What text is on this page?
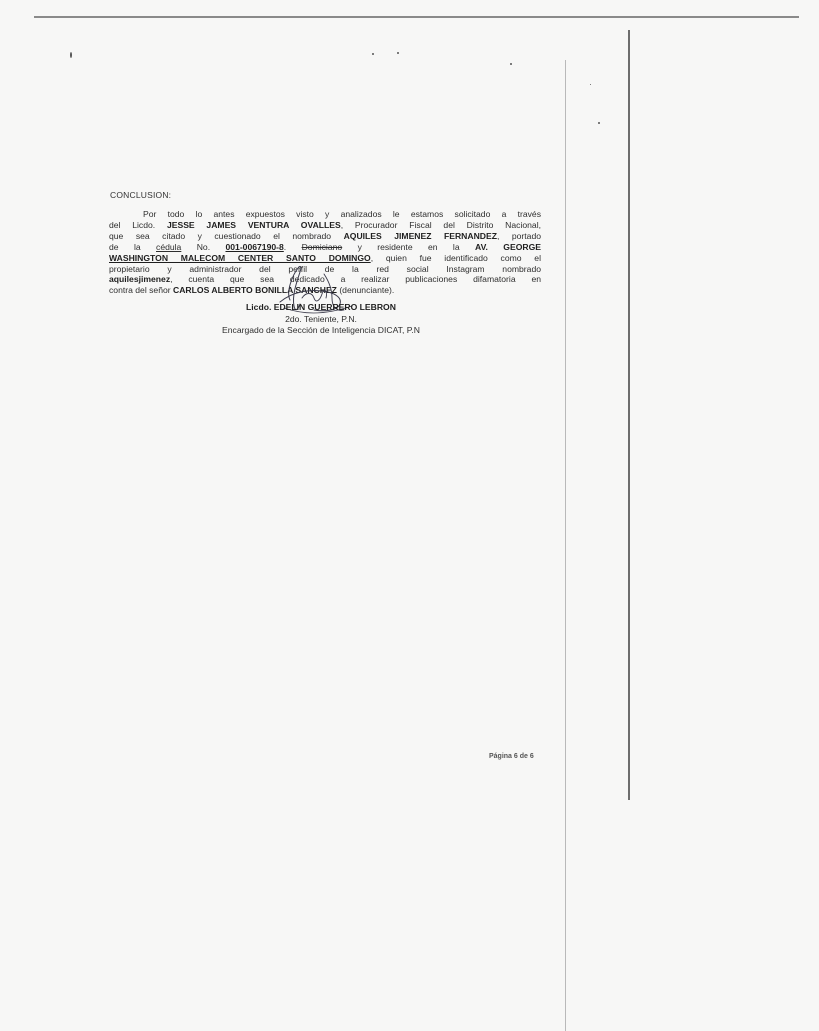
CONCLUSION:
Por todo lo antes expuestos visto y analizados le estamos solicitado a través
del Licdo. JESSE JAMES VENTURA OVALLES, Procurador Fiscal del Distrito Nacional,
que sea citado y cuestionado el nombrado AQUILES JIMENEZ FERNANDEZ, portado
de la cédula No. 001-0067190-8. Domiciano y residente en la AV. GEORGE
WASHINGTON MALECOM CENTER SANTO DOMINGO, quien fue identificado como el
propietario y administrador del perfil de la red social Instagram nombrado
aquilesjimenez, cuenta que sea dedicado a realizar publicaciones difamatoria en
contra del señor CARLOS ALBERTO BONILLA SANCHEZ (denunciante).
Licdo. EDELIN GUERRERO LEBRON
2do. Teniente, P.N.
Encargado de la Sección de Inteligencia DICAT, P.N
Página 6 de 6
